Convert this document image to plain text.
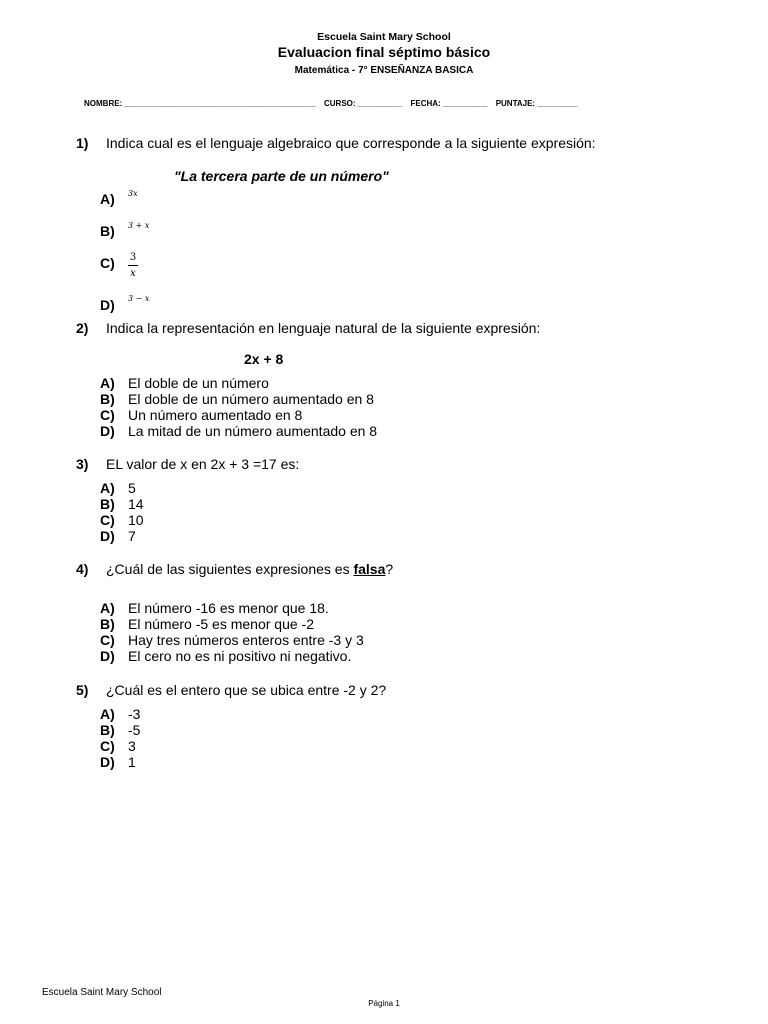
Escuela Saint Mary School
Evaluacion final séptimo básico
Matemática - 7° ENSEÑANZA BASICA
NOMBRE: ___________________________________________ CURSO: __________ FECHA: __________ PUNTAJE: _________
1) Indica cual es el lenguaje algebraico que corresponde a la siguiente expresión:
"La tercera parte de un número"
A)	3x
B)	3 + x
C)	3
x
D)	3 − x
2) Indica la representación en lenguaje natural de la siguiente expresión:
2x + 8
A) El doble de un número
B) El doble de un número aumentado en 8
C) Un número aumentado en 8
D) La mitad de un número aumentado en 8
3) EL valor de x en 2x + 3 =17 es:
A) 5
B) 14
C) 10
D) 7
4) ¿Cuál de las siguientes expresiones es falsa?
A) El número -16 es menor que 18.
B) El número -5 es menor que -2
C) Hay tres números enteros entre -3 y 3
D) El cero no es ni positivo ni negativo.
5) ¿Cuál es el entero que se ubica entre -2 y 2?
A) -3
B) -5
C) 3
D) 1
Escuela Saint Mary School
Página 1
